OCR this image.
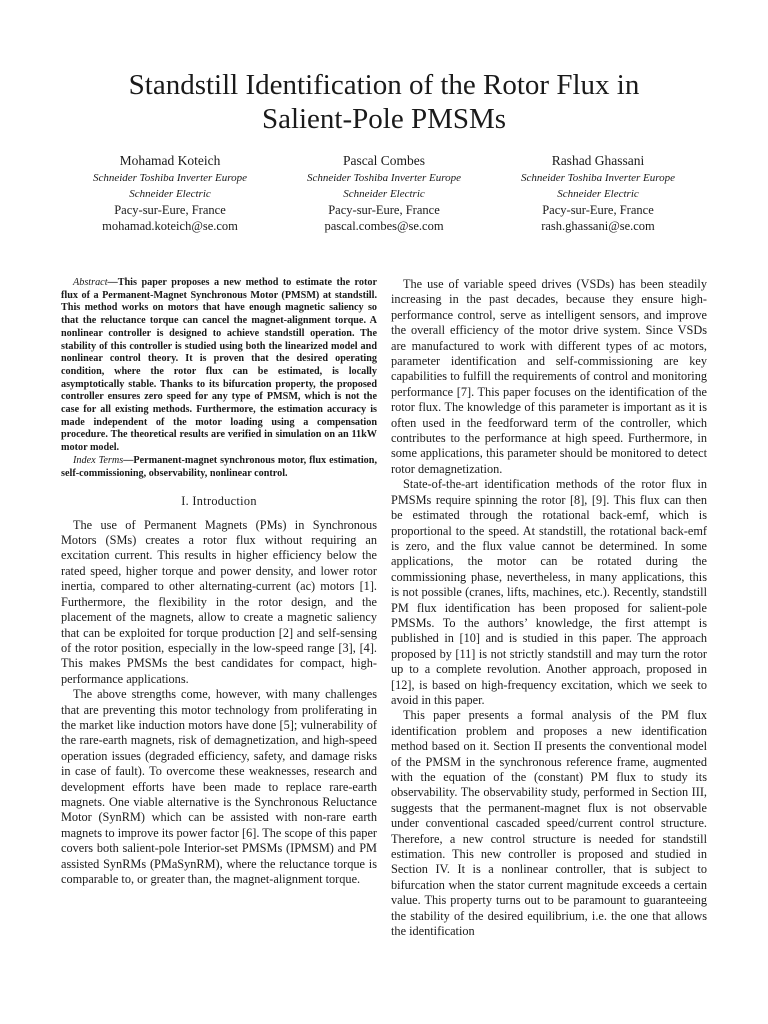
Standstill Identification of the Rotor Flux in
Salient-Pole PMSMs
Mohamad Koteich
Schneider Toshiba Inverter Europe
Schneider Electric
Pacy-sur-Eure, France
mohamad.koteich@se.com
Pascal Combes
Schneider Toshiba Inverter Europe
Schneider Electric
Pacy-sur-Eure, France
pascal.combes@se.com
Rashad Ghassani
Schneider Toshiba Inverter Europe
Schneider Electric
Pacy-sur-Eure, France
rash.ghassani@se.com

Abstract—This paper proposes a new method to estimate the rotor flux of a Permanent-Magnet Synchronous Motor (PMSM) at standstill. This method works on motors that have enough magnetic saliency so that the reluctance torque can cancel the magnet-alignment torque. A nonlinear controller is designed to achieve standstill operation. The stability of this controller is studied using both the linearized model and nonlinear control theory. It is proven that the desired operating condition, where the rotor flux can be estimated, is locally asymptotically stable. Thanks to its bifurcation property, the proposed controller ensures zero speed for any type of PMSM, which is not the case for all existing methods. Furthermore, the estimation accuracy is made independent of the motor loading using a compensation procedure. The theoretical results are verified in simulation on an 11kW motor model.

Index Terms—Permanent-magnet synchronous motor, flux estimation, self-commissioning, observability, nonlinear control.

I. Introduction

The use of Permanent Magnets (PMs) in Synchronous Motors (SMs) creates a rotor flux without requiring an excitation current. This results in higher efficiency below the rated speed, higher torque and power density, and lower rotor inertia, compared to other alternating-current (ac) motors [1]. Furthermore, the flexibility in the rotor design, and the placement of the magnets, allow to create a magnetic saliency that can be exploited for torque production [2] and self-sensing of the rotor position, especially in the low-speed range [3], [4]. This makes PMSMs the best candidates for compact, high-performance applications.

The above strengths come, however, with many challenges that are preventing this motor technology from proliferating in the market like induction motors have done [5]; vulnerability of the rare-earth magnets, risk of demagnetization, and high-speed operation issues (degraded efficiency, safety, and damage risks in case of fault). To overcome these weaknesses, research and development efforts have been made to replace rare-earth magnets. One viable alternative is the Synchronous Reluctance Motor (SynRM) which can be assisted with non-rare earth magnets to improve its power factor [6]. The scope of this paper covers both salient-pole Interior-set PMSMs (IPMSM) and PM assisted SynRMs (PMaSynRM), where the reluctance torque is comparable to, or greater than, the magnet-alignment torque.

The use of variable speed drives (VSDs) has been steadily increasing in the past decades, because they ensure high-performance control, serve as intelligent sensors, and improve the overall efficiency of the motor drive system. Since VSDs are manufactured to work with different types of ac motors, parameter identification and self-commissioning are key capabilities to fulfill the requirements of control and monitoring performance [7]. This paper focuses on the identification of the rotor flux. The knowledge of this parameter is important as it is often used in the feedforward term of the controller, which contributes to the performance at high speed. Furthermore, in some applications, this parameter should be monitored to detect rotor demagnetization.

State-of-the-art identification methods of the rotor flux in PMSMs require spinning the rotor [8], [9]. This flux can then be estimated through the rotational back-emf, which is proportional to the speed. At standstill, the rotational back-emf is zero, and the flux value cannot be determined. In some applications, the motor can be rotated during the commissioning phase, nevertheless, in many applications, this is not possible (cranes, lifts, machines, etc.). Recently, standstill PM flux identification has been proposed for salient-pole PMSMs. To the authors’ knowledge, the first attempt is published in [10] and is studied in this paper. The approach proposed by [11] is not strictly standstill and may turn the rotor up to a complete revolution. Another approach, proposed in [12], is based on high-frequency excitation, which we seek to avoid in this paper.

This paper presents a formal analysis of the PM flux identification problem and proposes a new identification method based on it. Section II presents the conventional model of the PMSM in the synchronous reference frame, augmented with the equation of the (constant) PM flux to study its observability. The observability study, performed in Section III, suggests that the permanent-magnet flux is not observable under conventional cascaded speed/current control structure. Therefore, a new control structure is needed for standstill estimation. This new controller is proposed and studied in Section IV. It is a nonlinear controller, that is subject to bifurcation when the stator current magnitude exceeds a certain value. This property turns out to be paramount to guaranteeing the stability of the desired equilibrium, i.e. the one that allows the identification
